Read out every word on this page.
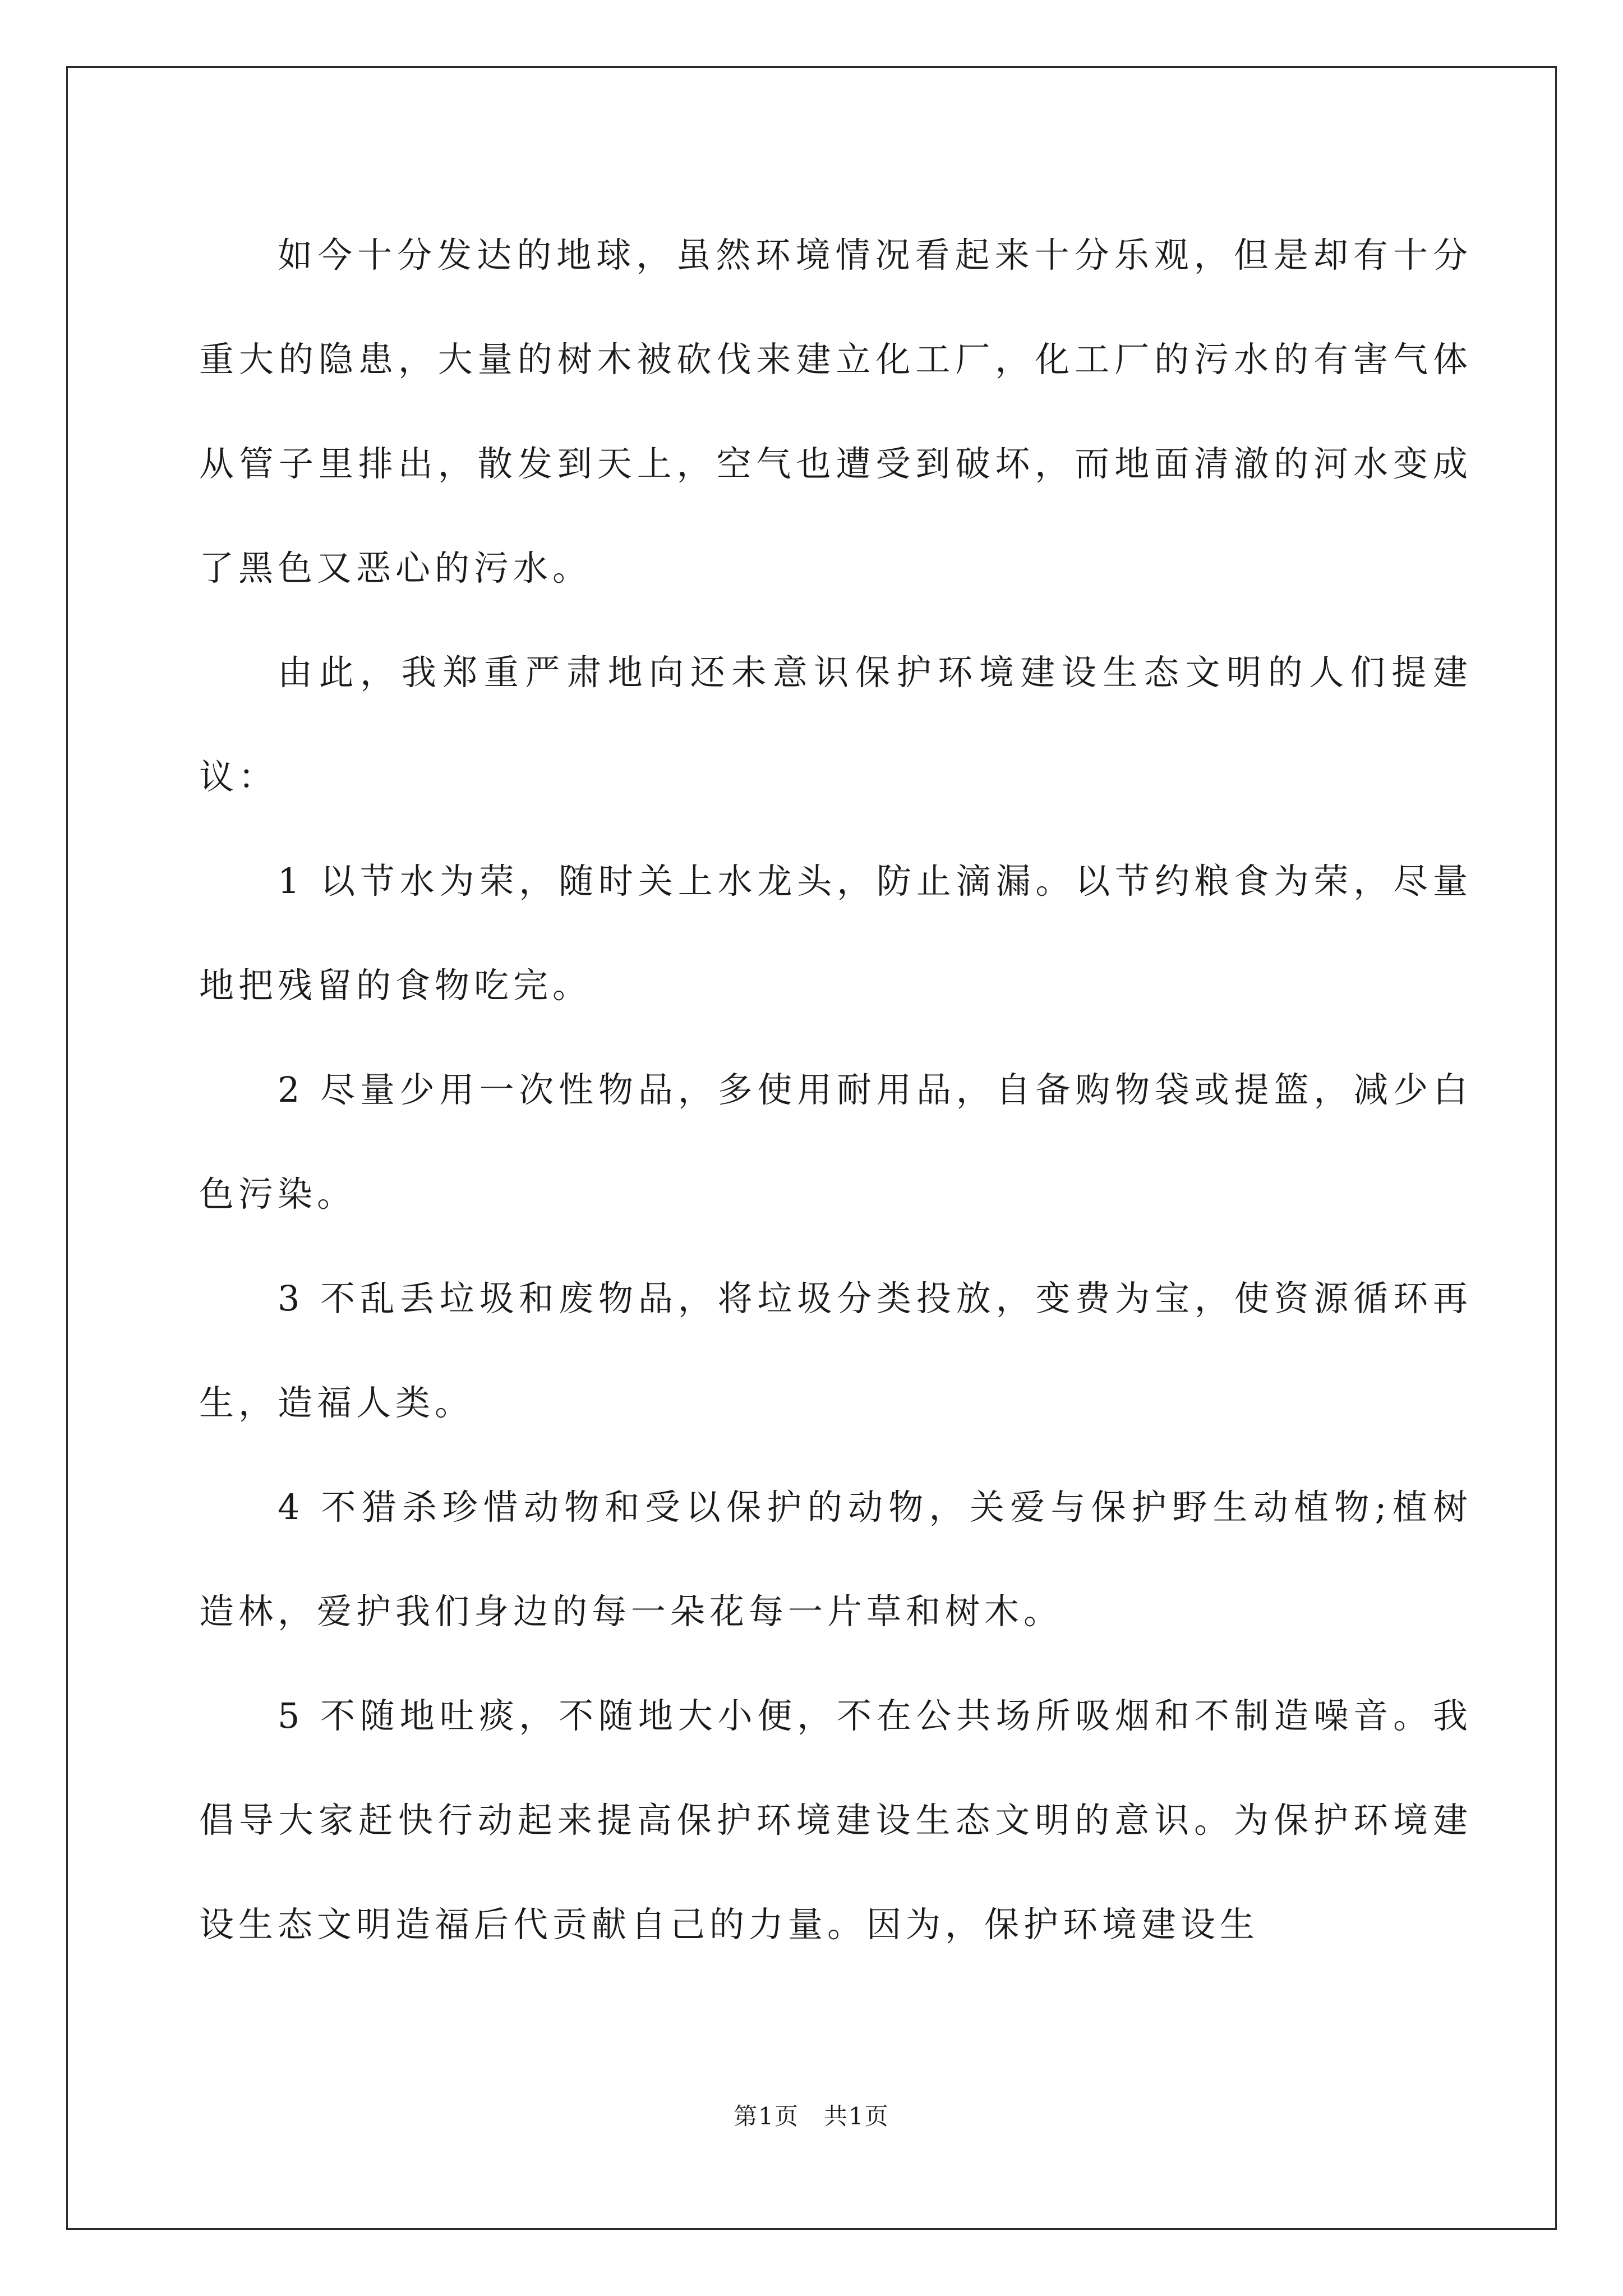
如今十分发达的地球，虽然环境情况看起来十分乐观，但是却有十分重大的隐患，大量的树木被砍伐来建立化工厂，化工厂的污水的有害气体从管子里排出，散发到天上，空气也遭受到破坏，而地面清澈的河水变成了黑色又恶心的污水。

由此，我郑重严肃地向还未意识保护环境建设生态文明的人们提建议：

1 以节水为荣，随时关上水龙头，防止滴漏。以节约粮食为荣，尽量地把残留的食物吃完。

2 尽量少用一次性物品，多使用耐用品，自备购物袋或提篮，减少白色污染。

3 不乱丢垃圾和废物品，将垃圾分类投放，变费为宝，使资源循环再生，造福人类。

4 不猎杀珍惜动物和受以保护的动物，关爱与保护野生动植物;植树造林，爱护我们身边的每一朵花每一片草和树木。

5 不随地吐痰，不随地大小便，不在公共场所吸烟和不制造噪音。我倡导大家赶快行动起来提高保护环境建设生态文明的意识。为保护环境建设生态文明造福后代贡献自己的力量。因为，保护环境建设生

第1页 共1页
